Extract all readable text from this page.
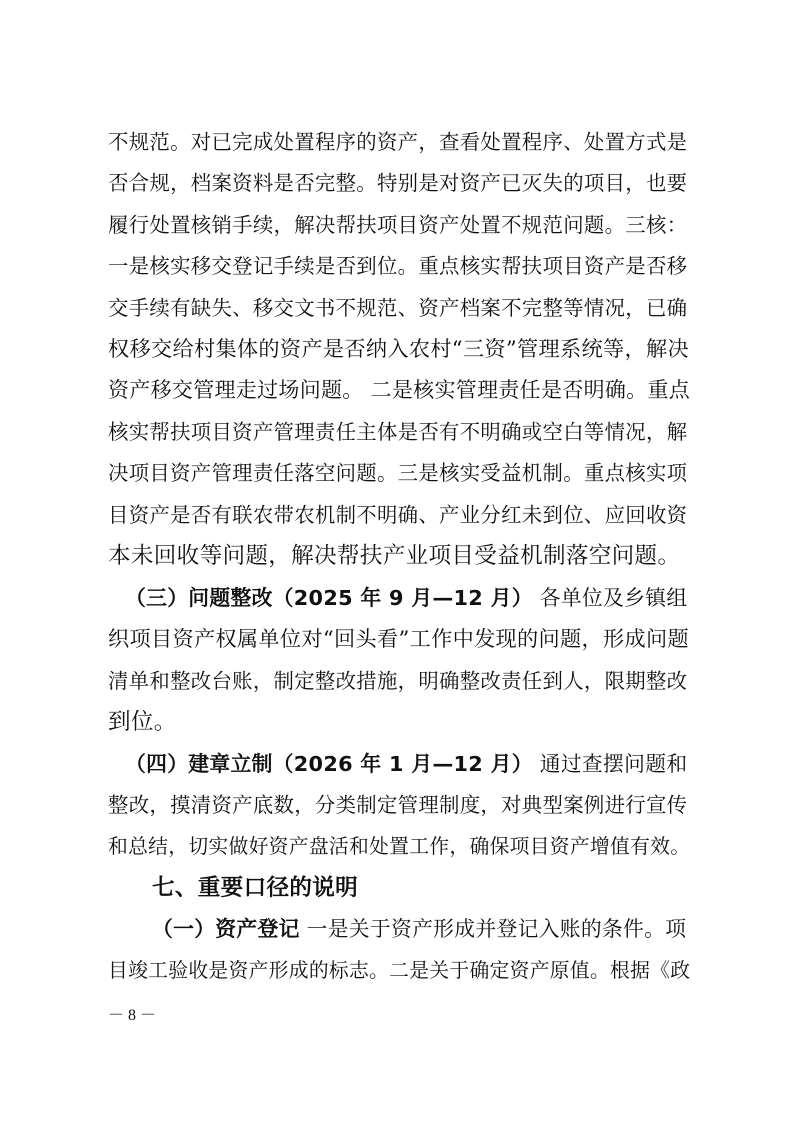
不规范。对已完成处置程序的资产，查看处置程序、处置方式是
否合规，档案资料是否完整。特别是对资产已灭失的项目，也要
履行处置核销手续，解决帮扶项目资产处置不规范问题。三核：
一是核实移交登记手续是否到位。重点核实帮扶项目资产是否移
交手续有缺失、移交文书不规范、资产档案不完整等情况，已确
权移交给村集体的资产是否纳入农村“三资”管理系统等，解决
资产移交管理走过场问题。 二是核实管理责任是否明确。重点
核实帮扶项目资产管理责任主体是否有不明确或空白等情况，解
决项目资产管理责任落空问题。三是核实受益机制。重点核实项
目资产是否有联农带农机制不明确、产业分红未到位、应回收资
本未回收等问题，解决帮扶产业项目受益机制落空问题。
（三）问题整改（2025 年 9 月—12 月） 各单位及乡镇组
织项目资产权属单位对“回头看”工作中发现的问题，形成问题
清单和整改台账，制定整改措施，明确整改责任到人，限期整改
到位。
（四）建章立制（2026 年 1 月—12 月） 通过查摆问题和
整改，摸清资产底数，分类制定管理制度，对典型案例进行宣传
和总结，切实做好资产盘活和处置工作，确保项目资产增值有效。
七、重要口径的说明
（一）资产登记 一是关于资产形成并登记入账的条件。项
目竣工验收是资产形成的标志。二是关于确定资产原值。根据《政
－ 8 －
